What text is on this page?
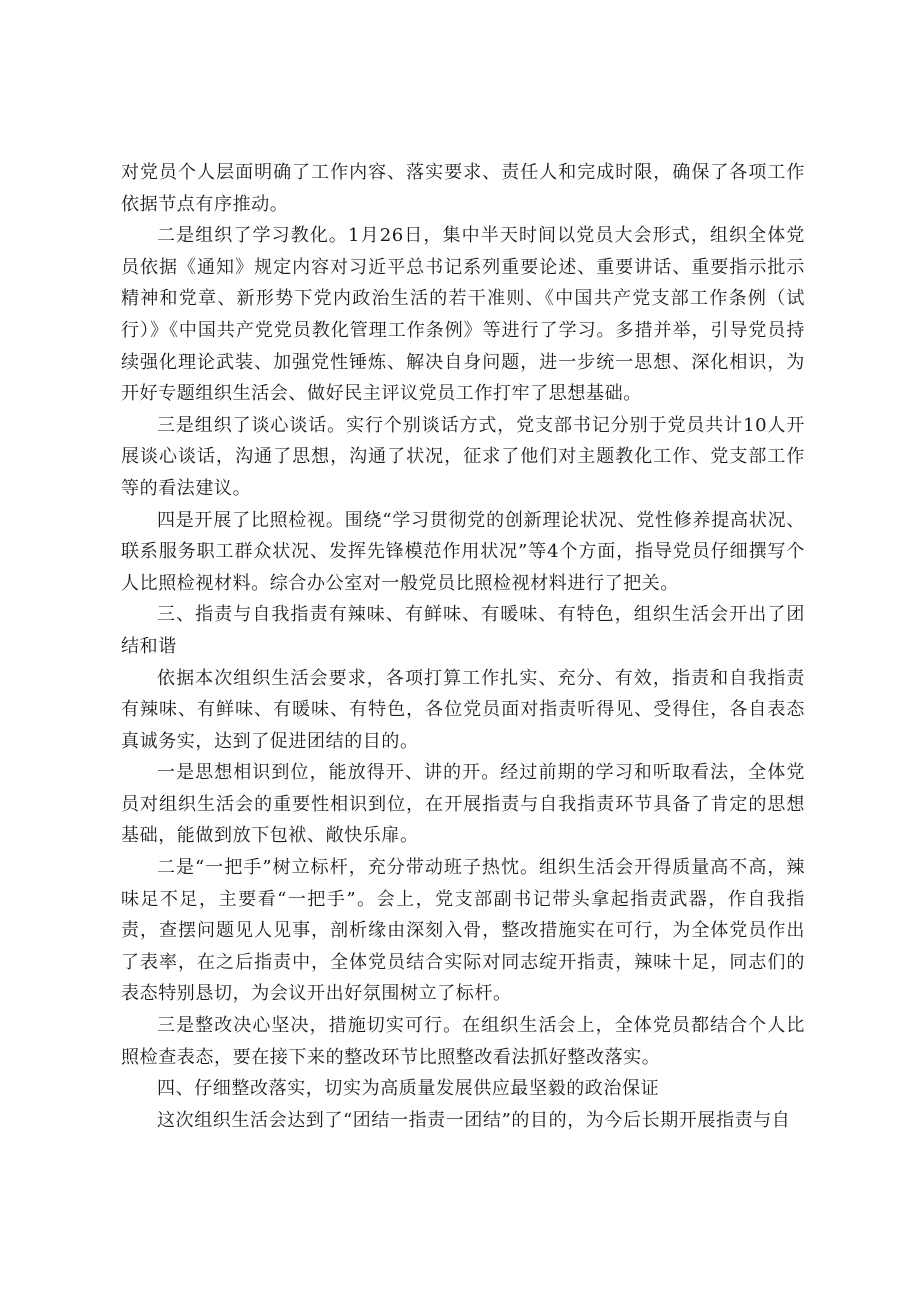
对党员个人层面明确了工作内容、落实要求、责任人和完成时限，确保了各项工作依据节点有序推动。

二是组织了学习教化。1月26日，集中半天时间以党员大会形式，组织全体党员依据《通知》规定内容对习近平总书记系列重要论述、重要讲话、重要指示批示精神和党章、新形势下党内政治生活的若干准则、《中国共产党支部工作条例（试行）》《中国共产党党员教化管理工作条例》等进行了学习。多措并举，引导党员持续强化理论武装、加强党性锤炼、解决自身问题，进一步统一思想、深化相识，为开好专题组织生活会、做好民主评议党员工作打牢了思想基础。

三是组织了谈心谈话。实行个别谈话方式，党支部书记分别于党员共计10人开展谈心谈话，沟通了思想，沟通了状况，征求了他们对主题教化工作、党支部工作等的看法建议。

四是开展了比照检视。围绕“学习贯彻党的创新理论状况、党性修养提高状况、联系服务职工群众状况、发挥先锋模范作用状况”等4个方面，指导党员仔细撰写个人比照检视材料。综合办公室对一般党员比照检视材料进行了把关。

三、指责与自我指责有辣味、有鲜味、有暖味、有特色，组织生活会开出了团结和谐

依据本次组织生活会要求，各项打算工作扎实、充分、有效，指责和自我指责有辣味、有鲜味、有暖味、有特色，各位党员面对指责听得见、受得住，各自表态真诚务实，达到了促进团结的目的。

一是思想相识到位，能放得开、讲的开。经过前期的学习和听取看法，全体党员对组织生活会的重要性相识到位，在开展指责与自我指责环节具备了肯定的思想基础，能做到放下包袱、敞快乐扉。

二是“一把手”树立标杆，充分带动班子热忱。组织生活会开得质量高不高，辣味足不足，主要看“一把手”。会上，党支部副书记带头拿起指责武器，作自我指责，查摆问题见人见事，剖析缘由深刻入骨，整改措施实在可行，为全体党员作出了表率，在之后指责中，全体党员结合实际对同志绽开指责，辣味十足，同志们的表态特别恳切，为会议开出好氛围树立了标杆。

三是整改决心坚决，措施切实可行。在组织生活会上，全体党员都结合个人比照检查表态，要在接下来的整改环节比照整改看法抓好整改落实。

四、仔细整改落实，切实为高质量发展供应最坚毅的政治保证

这次组织生活会达到了“团结一指责一团结”的目的，为今后长期开展指责与自
